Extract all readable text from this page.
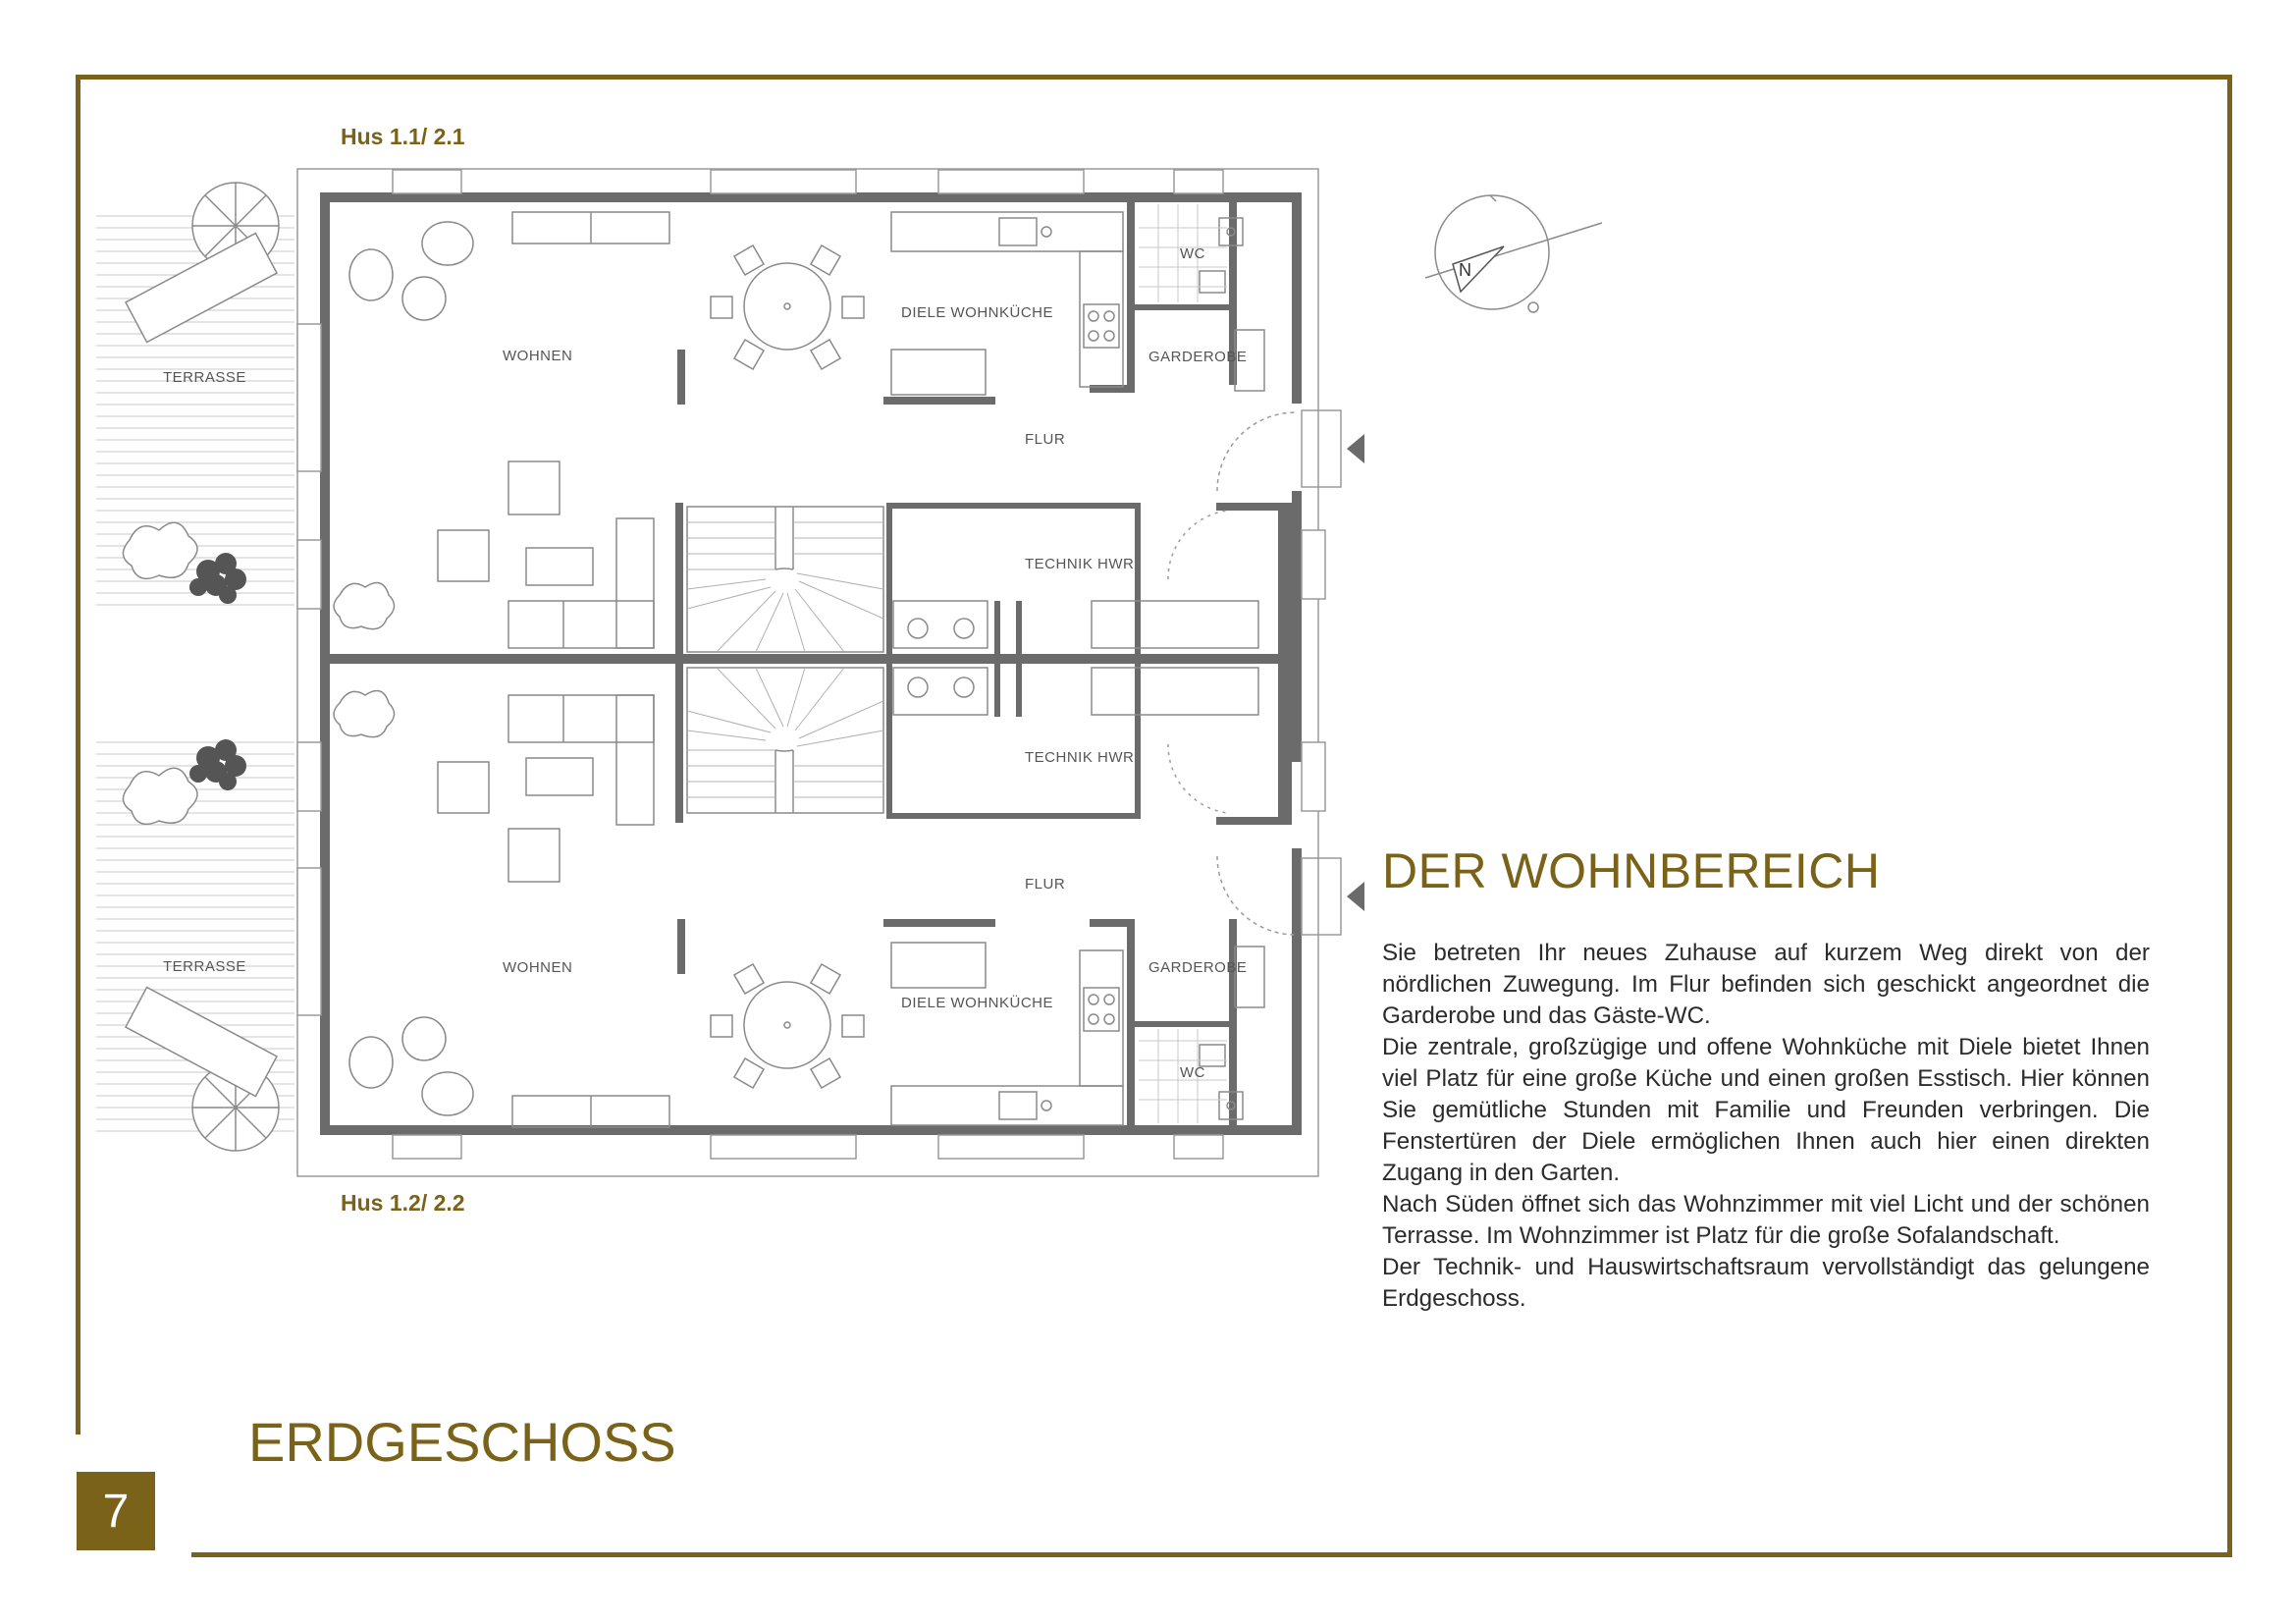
7
Hus 1.1/ 2.1
Hus 1.2/ 2.2
TERRASSE
WOHNEN
DIELE WOHNKÜCHE
WC
GARDEROBE
FLUR
TECHNIK HWR
TERRASSE	WOHNEN
DIELE WOHNKÜCHE
WC
GARDEROBE
FLUR
TECHNIK HWR
N
DER WOHNBEREICH

Sie betreten Ihr neues Zuhause auf kurzem Weg direkt von der nördlichen Zuwegung. Im Flur befinden sich geschickt angeordnet die Garderobe und das Gäste-WC.

Die zentrale, großzügige und offene Wohnküche mit Diele bietet Ihnen viel Platz für eine große Küche und einen großen Esstisch. Hier können Sie gemütliche Stunden mit Familie und Freunden verbringen. Die Fenstertüren der Diele ermöglichen Ihnen auch hier einen direkten Zugang in den Garten.

Nach Süden öffnet sich das Wohnzimmer mit viel Licht und der schönen Terrasse. Im Wohnzimmer ist Platz für die große Sofalandschaft.

Der Technik- und Hauswirtschaftsraum vervollständigt das gelungene Erdgeschoss.

ERDGESCHOSS
